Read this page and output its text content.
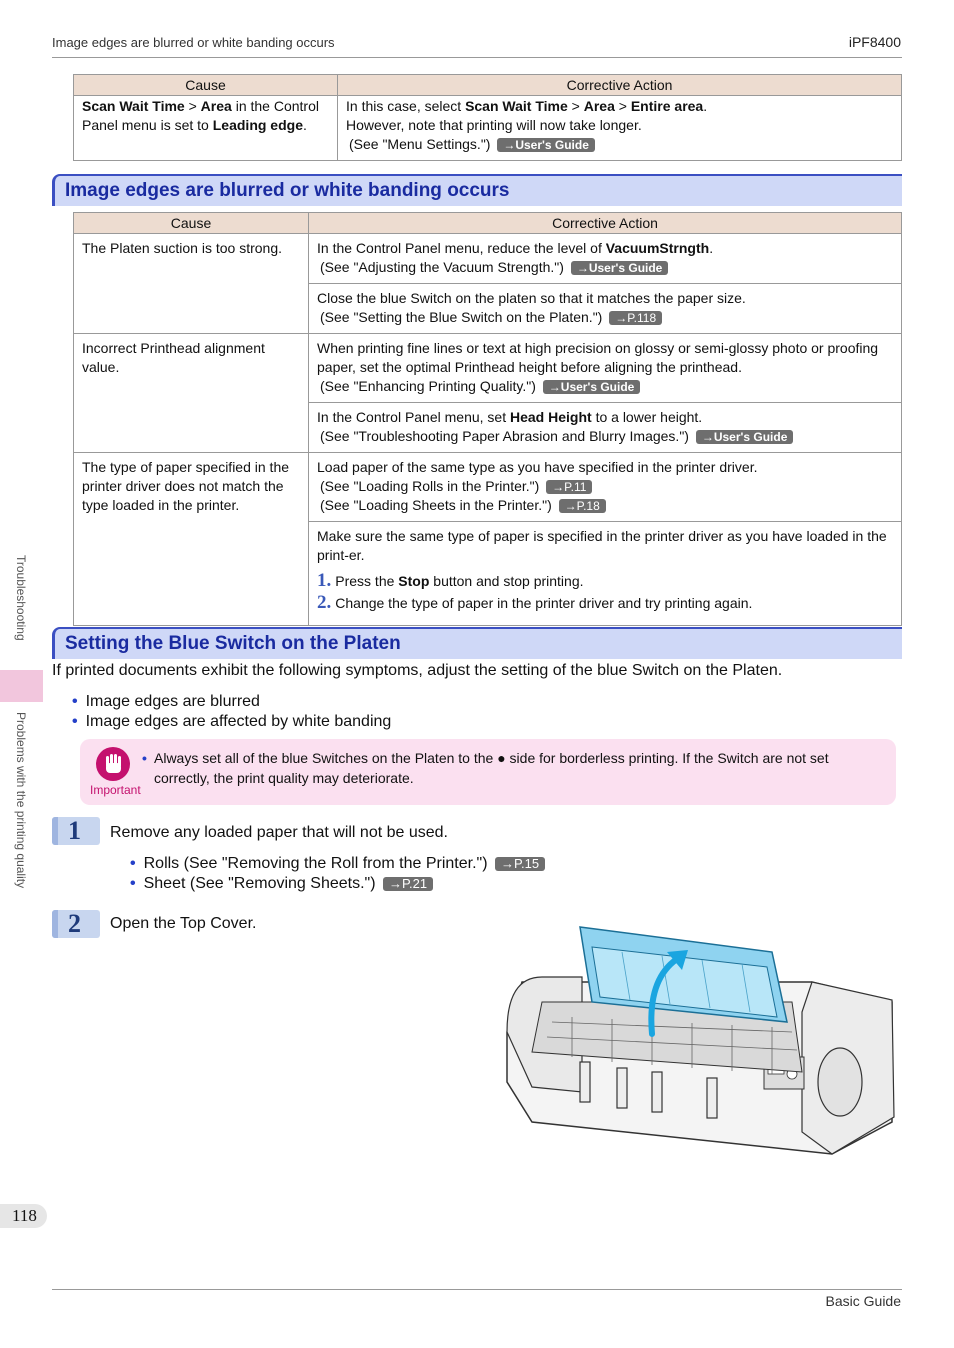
Image edges are blurred or white banding occurs	iPF8400
Troubleshooting
Problems with the printing quality
Cause	Corrective Action
Scan Wait Time > Area in the Control Panel menu is set to Leading edge.	In this case, select Scan Wait Time > Area > Entire area.
However, note that printing will now take longer.
(See "Menu Settings.") →User's Guide
Image edges are blurred or white banding occurs
Cause	Corrective Action
The Platen suction is too strong.	In the Control Panel menu, reduce the level of VacuumStrngth.
(See "Adjusting the Vacuum Strength.") →User's Guide
	Close the blue Switch on the platen so that it matches the paper size.
(See "Setting the Blue Switch on the Platen.") →P.118
Incorrect Printhead alignment value.	When printing fine lines or text at high precision on glossy or semi-glossy photo or proofing paper, set the optimal Printhead height before aligning the printhead.
(See "Enhancing Printing Quality.") →User's Guide
	In the Control Panel menu, set Head Height to a lower height.
(See "Troubleshooting Paper Abrasion and Blurry Images.") →User's Guide
The type of paper specified in the printer driver does not match the type loaded in the printer.	Load paper of the same type as you have specified in the printer driver.
(See "Loading Rolls in the Printer.") →P.11
(See "Loading Sheets in the Printer.") →P.18
	Make sure the same type of paper is specified in the printer driver as you have loaded in the print-er.
1. Press the Stop button and stop printing.
2. Change the type of paper in the printer driver and try printing again.
Setting the Blue Switch on the Platen
If printed documents exhibit the following symptoms, adjust the setting of the blue Switch on the Platen.
• Image edges are blurred
• Image edges are affected by white banding
Important
• Always set all of the blue Switches on the Platen to the ● side for borderless printing. If the Switch are not set correctly, the print quality may deteriorate.
1	Remove any loaded paper that will not be used.
• Rolls (See "Removing the Roll from the Printer.") →P.15
• Sheet (See "Removing Sheets.") →P.21
2	Open the Top Cover.
118
Basic Guide
